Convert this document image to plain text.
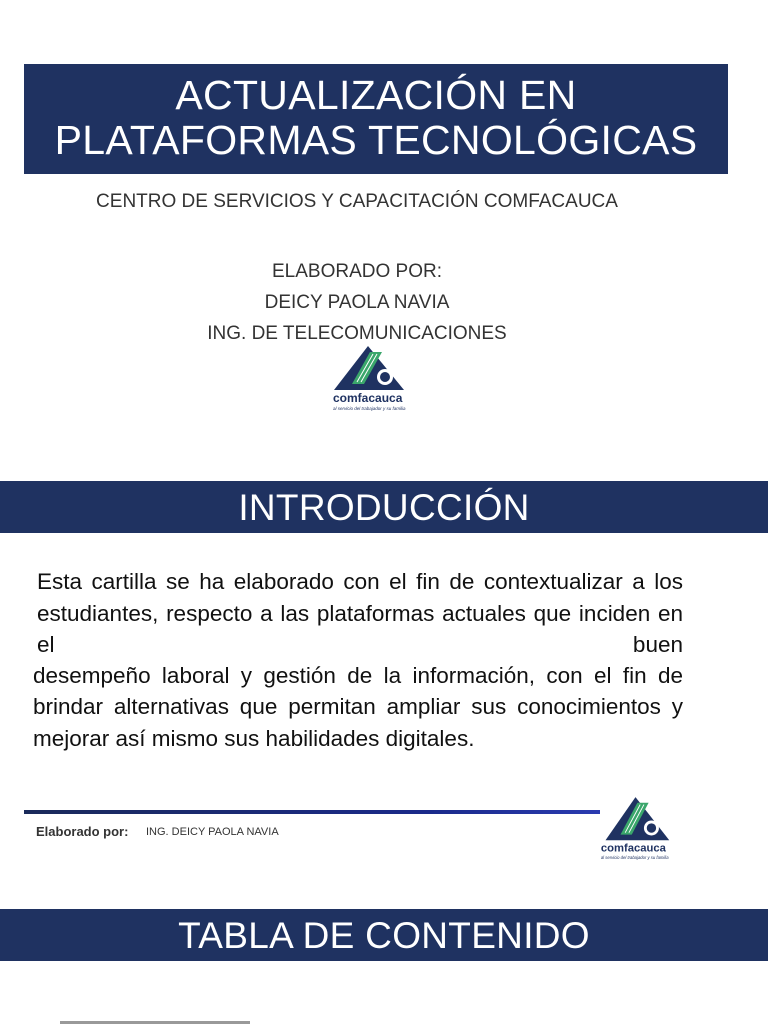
ACTUALIZACIÓN EN
PLATAFORMAS TECNOLÓGICAS
CENTRO DE SERVICIOS Y CAPACITACIÓN COMFACAUCA
ELABORADO POR:
DEICY PAOLA NAVIA
ING. DE TELECOMUNICACIONES
comfacauca
al servicio del trabajador y su familia
INTRODUCCIÓN

Esta cartilla se ha elaborado con el fin de contextualizar a los estudiantes, respecto a las plataformas actuales que inciden en el buen

desempeño laboral y gestión de la información, con el fin de brindar alternativas que permitan ampliar sus conocimientos y mejorar así mismo sus habilidades digitales.

Elaborado por: ING. DEICY PAOLA NAVIA
comfacauca
al servicio del trabajador y su familia
TABLA DE CONTENIDO
